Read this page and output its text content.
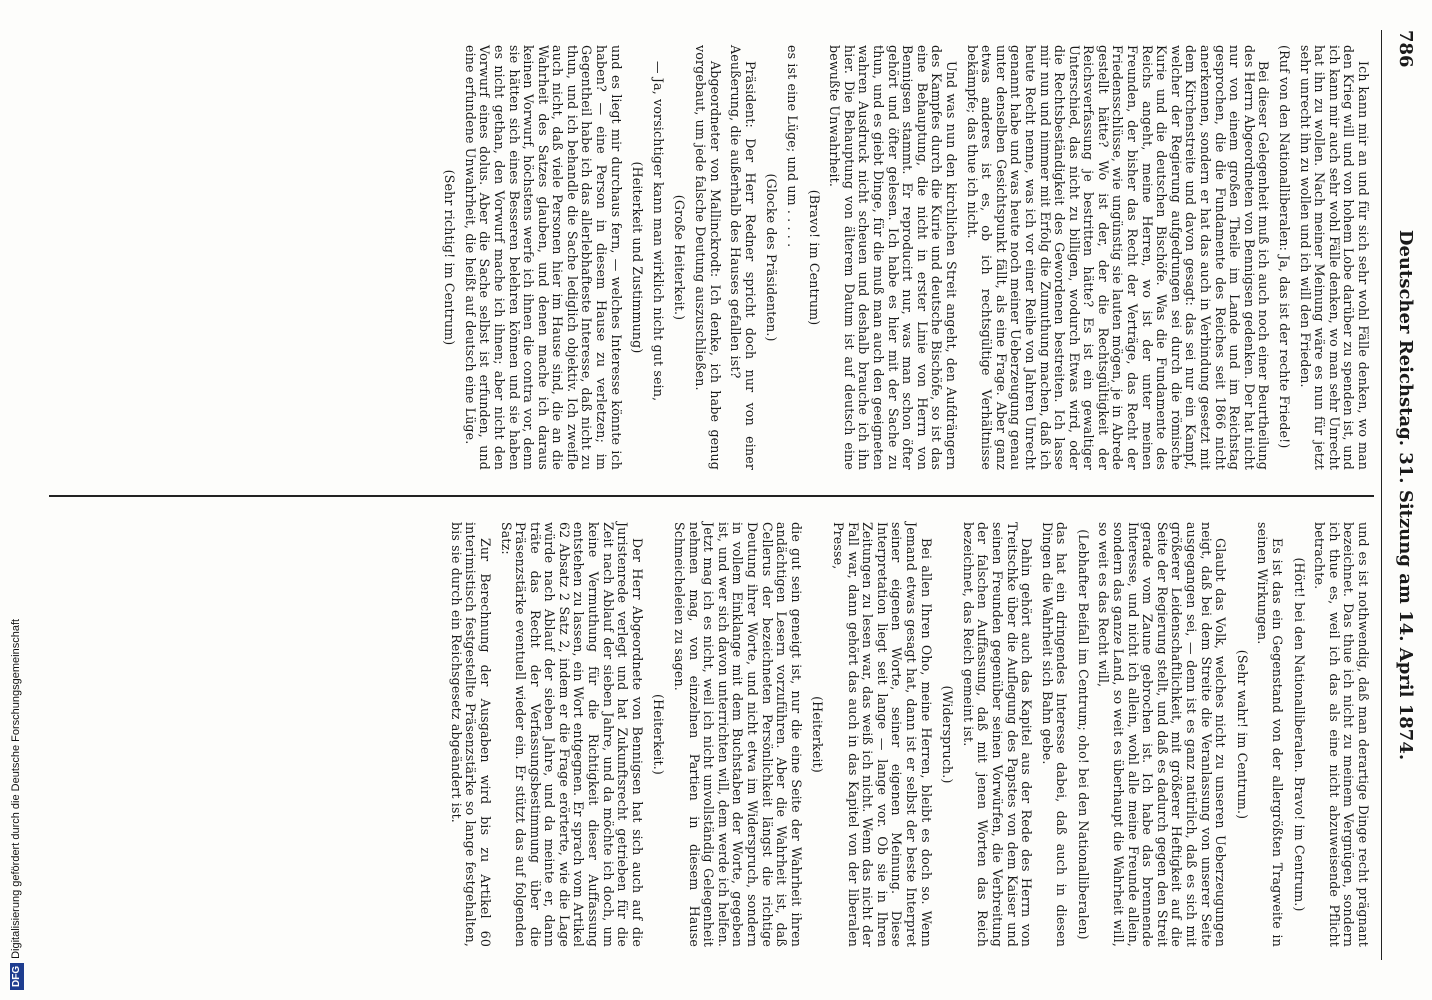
786
Deutscher Reichstag. 31. Sitzung am 14. April 1874.

Ich kann mir an und für sich sehr wohl Fälle denken, wo man den Krieg will und von hohem Lobe darüber zu spenden ist, und ich kann mir auch sehr wohl Fälle denken, wo man sehr Unrecht hat ihn zu wollen. Nach meiner Meinung wäre es nun für jetzt sehr unrecht ihn zu wollen und ich will den Frieden.

(Ruf von den Nationalliberalen: Ja, das ist der rechte Friede!)

Bei dieser Gelegenheit muß ich auch noch einer Beurtheilung des Herrn Abgeordneten von Bennigsen gedenken. Der hat nicht nur von einem großen Theile im Lande und im Reichstag gesprochen, die die Fundamente des Reiches seit 1866 nicht anerkennen, sondern er hat das auch in Verbindung gesetzt mit dem Kirchenstreite und davon gesagt: das sei nur ein Kampf, welcher der Regierung aufgedrungen sei durch die römische Kurie und die deutschen Bischöfe. Was die Fundamente des Reichs angeht, meine Herren, wo ist der unter meinen Freunden, der bisher das Recht der Verträge, das Recht der Friedensschlüsse, wie ungünstig sie lauten mögen, je in Abrede gestellt hätte? Wo ist der, der die Rechtsgültigkeit der Reichsverfassung je bestritten hätte? Es ist ein gewaltiger Unterschied, das nicht zu billigen, wodurch Etwas wird, oder die Rechtsbeständigkeit des Gewordenen bestreiten. Ich lasse mir nun und nimmer mit Erfolg die Zumuthung machen, daß ich heute Recht nenne, was ich vor einer Reihe von Jahren Unrecht genannt habe und was heute noch meiner Ueberzeugung genau unter denselben Gesichtspunkt fällt, als eine Frage. Aber ganz etwas anderes ist es, ob ich rechtsgültige Verhältnisse bekämpfe; das thue ich nicht.

Und was nun den kirchlichen Streit angeht, den Aufdrängern des Kampfes durch die Kurie und deutsche Bischöfe, so ist das eine Behauptung, die nicht in erster Linie von Herrn von Bennigsen stammt. Er reproducirt nur, was man schon öfter gehört und öfter gelesen. Ich habe es hier mit der Sache zu thun, und es giebt Dinge, für die muß man auch den geeigneten wahren Ausdruck nicht scheuen und deshalb brauche ich ihn hier. Die Behauptung von älterem Datum ist auf deutsch eine bewußte Unwahrheit.

(Bravo! im Centrum)

es ist eine Lüge; und um . . . . .

(Glocke des Präsidenten.)

Präsident: Der Herr Redner spricht doch nur von einer Aeußerung, die außerhalb des Hauses gefallen ist?

Abgeordneter von Mallinckrodt: Ich denke, ich habe genug vorgebaut, um jede falsche Deutung auszuschließen.

(Große Heiterkeit.)

— Ja, vorsichtiger kann man wirklich nicht gut sein,

(Heiterkeit und Zustimmung)

und es liegt mir durchaus fern, — welches Interesse könnte ich haben? — eine Person in diesem Hause zu verletzen; im Gegentheil habe ich das allerlebhafteste Interesse, daß nicht zu thun, und ich behandle die Sache lediglich objektiv. Ich zweifle auch nicht, daß viele Personen hier im Hause sind, die an die Wahrheit des Satzes glauben, und denen mache ich daraus keinen Vorwurf, höchstens werfe ich ihnen die contra vor, denn sie hätten sich eines Besseren belehren können und sie haben es nicht gethan, den Vorwurf mache ich ihnen; aber nicht den Vorwurf eines dolus. Aber die Sache selbst ist erfunden, und eine erfundene Unwahrheit, die heißt auf deutsch eine Lüge.

(Sehr richtig! im Centrum)

und es ist nothwendig, daß man derartige Dinge recht prägnant bezeichnet. Das thue ich nicht zu meinem Vergnügen, sondern ich thue es, weil ich das als eine nicht abzuweisende Pflicht betrachte.

(Hört! bei den Nationalliberalen. Bravo! im Centrum.)

Es ist das ein Gegenstand von der allergrößten Tragweite in seinen Wirkungen.

(Sehr wahr! im Centrum.)

Glaubt das Volk, welches nicht zu unseren Ueberzeugungen neigt, daß bei dem Streite die Veranlassung von unserer Seite ausgegangen sei, — denn ist es ganz natürlich, daß es sich mit größerer Leidenschaftlichkeit, mit größerer Heftigkeit auf die Seite der Regierung stellt, und daß es dadurch gegen den Streit gerade vom Zaune gebrochen ist. Ich habe das brennende Interesse, und nicht ich allein, wohl alle meine Freunde allein, sondern das ganze Land, so weit es überhaupt die Wahrheit will, so weit es das Recht will,

(Lebhafter Beifall im Centrum; oho! bei den Nationalliberalen)

das hat ein dringendes Interesse dabei, daß auch in diesen Dingen die Wahrheit sich Bahn gebe.

Dahin gehört auch das Kapitel aus der Rede des Herrn von Treitschke über die Auflegung des Papstes von dem Kaiser und seinen Freunden gegenüber seinen Vorwürfen, die Verbreitung der falschen Auffassung, daß mit jenen Worten das Reich bezeichnet, das Reich gemeint ist.

(Widerspruch.)

Bei allen Ihren Oho, meine Herren, bleibt es doch so. Wenn Jemand etwas gesagt hat, dann ist er selbst der beste Interpret seiner eigenen Worte, seiner eigenen Meinung. Diese Interpretation liegt seit lange — lange vor. Ob sie in Ihren Zeitungen zu lesen war, das weiß ich nicht. Wenn das nicht der Fall war, dann gehört das auch in das Kapitel von der liberalen Presse,

(Heiterkeit)

die gut sein geneigt ist, nur die eine Seite der Wahrheit ihren andächtigen Lesern vorzuführen. Aber die Wahrheit ist, daß Cellerus der bezeichneten Persönlichkeit längst die richtige Deutung ihrer Worte, und nicht etwa im Widerspruch, sondern in vollem Einklange mit dem Buchstaben der Worte, gegeben ist, und wer sich davon unterrichten will, dem werde ich helfen. Jetzt mag ich es nicht, weil ich nicht unvollständig Gelegenheit nehmen mag, von einzelnen Partien in diesem Hause Schmeicheleien zu sagen.

(Heiterkeit.)

Der Herr Abgeordnete von Bennigsen hat sich auch auf die Juristenrede verlegt und hat Zukunftsrecht getrieben für die Zeit nach Ablauf der sieben Jahre, und da möchte ich doch, um keine Vermuthung für die Richtigkeit dieser Auffassung entstehen zu lassen, ein Wort entgegnen. Er sprach vom Artikel 62 Absatz 2 Satz 2, indem er die Frage erörterte, wie die Lage würde nach Ablauf der sieben Jahre, und da meinte er, dann träte das Recht der Verfassungsbestimmung über die Präsenzstärke eventuell wieder ein. Er stützt das auf folgenden Satz:

Zur Berechnung der Ausgaben wird bis zu Artikel 60 interimistisch festgestellte Präsenzstärke so lange festgehalten, bis sie durch ein Reichsgesetz abgeändert ist.

DFGDigitalisierung gefördert durch die Deutsche Forschungsgemeinschaft
